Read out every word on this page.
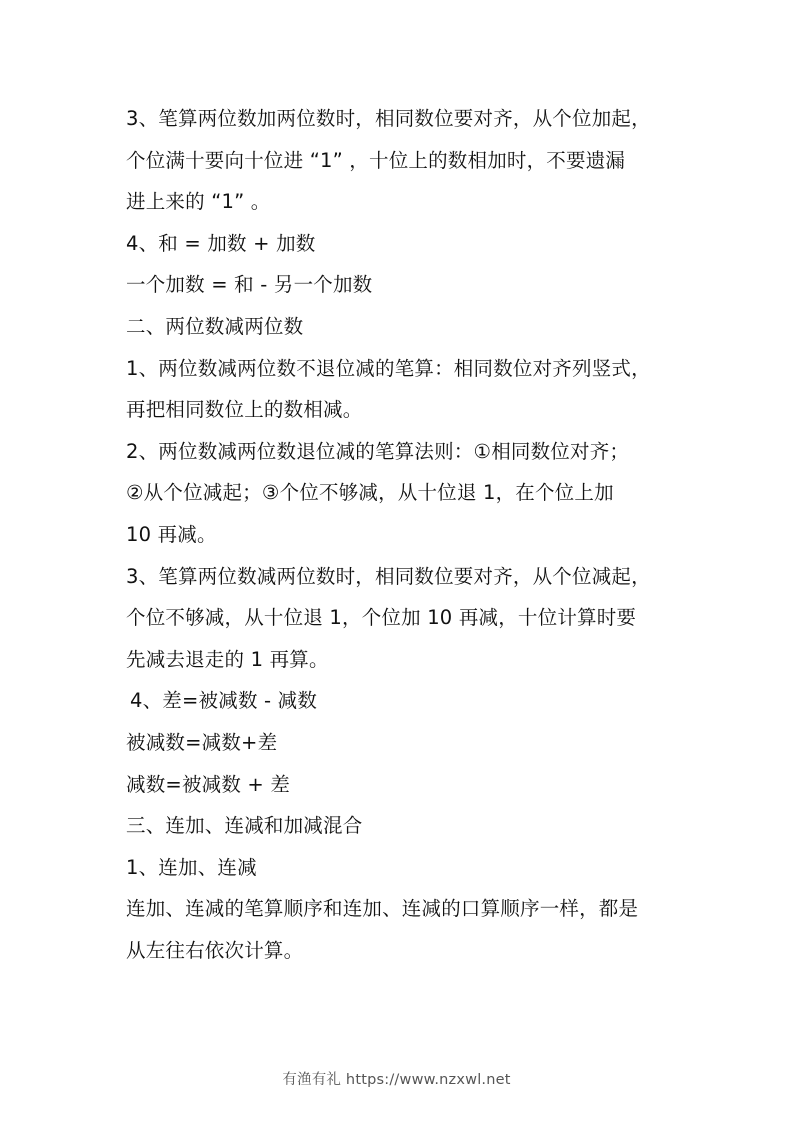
3、笔算两位数加两位数时，相同数位要对齐，从个位加起，
个位满十要向十位进 “1” ，十位上的数相加时，不要遗漏
进上来的 “1” 。
4、和 = 加数 + 加数
一个加数 = 和 - 另一个加数
二、两位数减两位数
1、两位数减两位数不退位减的笔算：相同数位对齐列竖式，
再把相同数位上的数相减。
2、两位数减两位数退位减的笔算法则：①相同数位对齐；
②从个位减起；③个位不够减，从十位退 1，在个位上加
10 再减。
3、笔算两位数减两位数时，相同数位要对齐，从个位减起，
个位不够减，从十位退 1，个位加 10 再减，十位计算时要
先减去退走的 1 再算。
4、差=被减数 - 减数
被减数=减数+差
减数=被减数 + 差
三、连加、连减和加减混合
1、连加、连减
连加、连减的笔算顺序和连加、连减的口算顺序一样，都是
从左往右依次计算。
有渔有礼 https://www.nzxwl.net
